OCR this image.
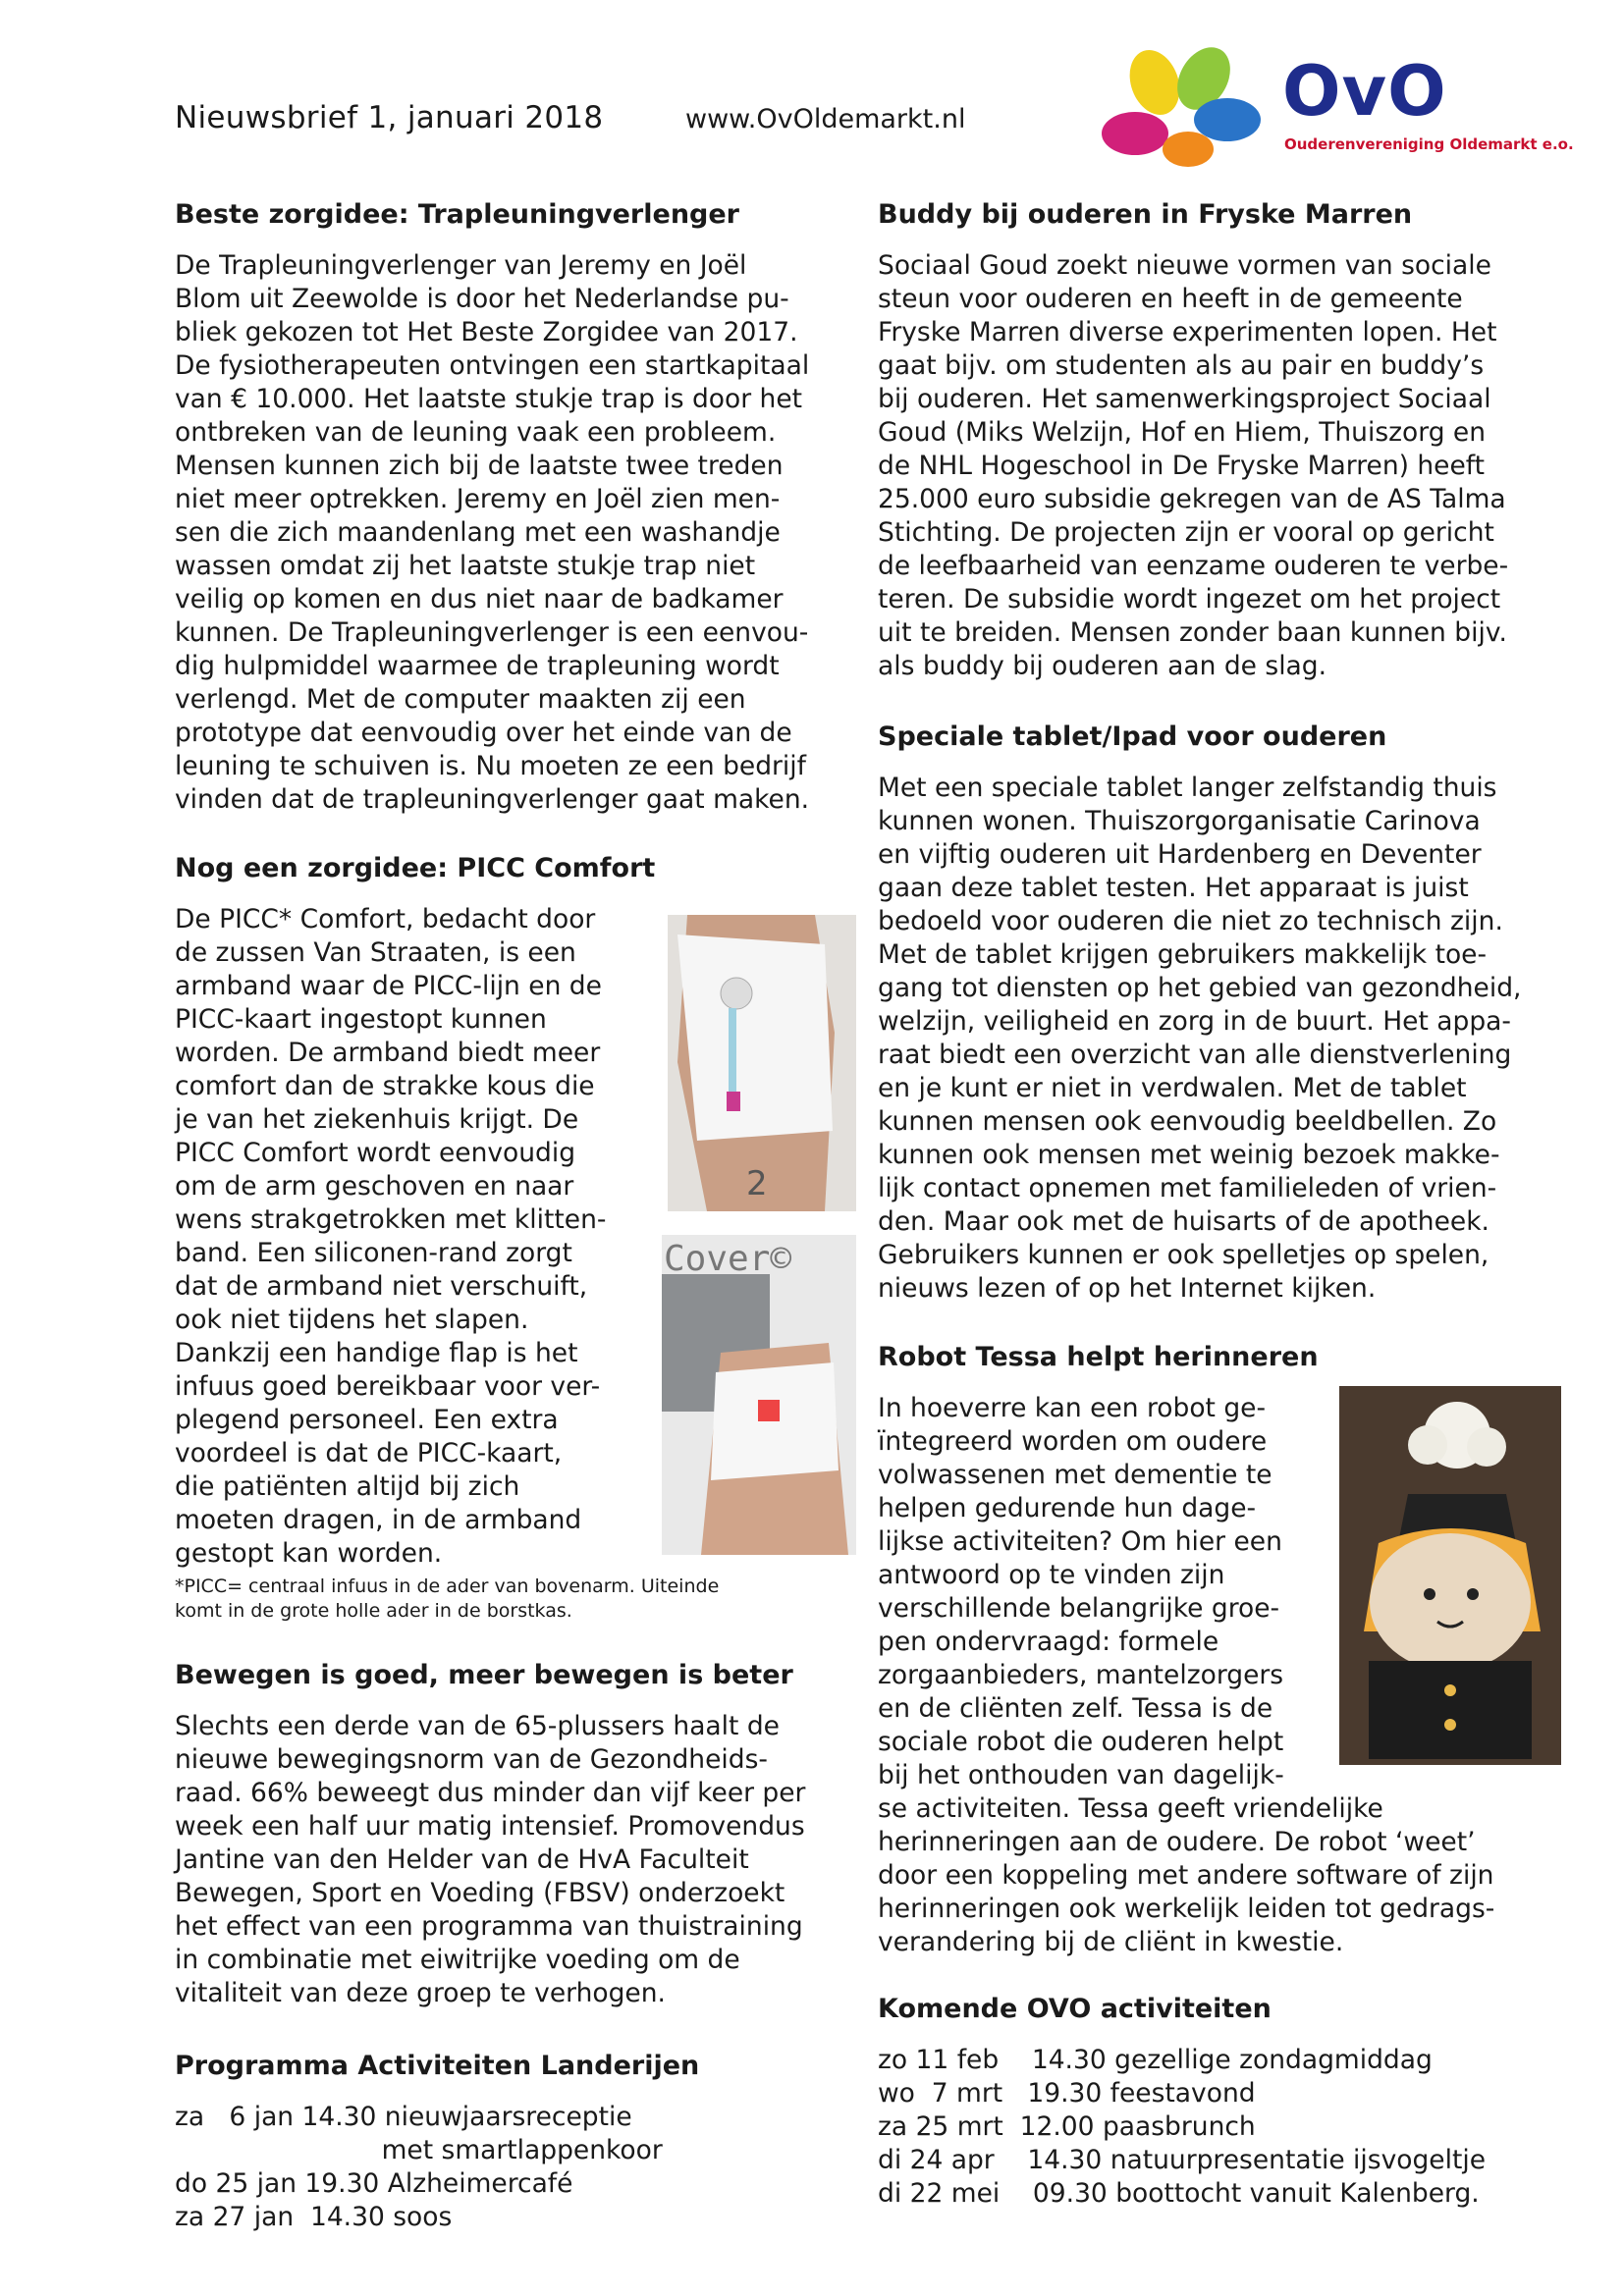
Nieuwsbrief 1, januari 2018	www.OvOldemarkt.nl	OvO
Ouderenvereniging Oldemarkt e.o.
Beste zorgidee: Trapleuningverlenger
De Trapleuningverlenger van Jeremy en Joël
Blom uit Zeewolde is door het Nederlandse pu-
bliek gekozen tot Het Beste Zorgidee van 2017.
De fysiotherapeuten ontvingen een startkapitaal
van € 10.000. Het laatste stukje trap is door het
ontbreken van de leuning vaak een probleem.
Mensen kunnen zich bij de laatste twee treden
niet meer optrekken. Jeremy en Joël zien men-
sen die zich maandenlang met een washandje
wassen omdat zij het laatste stukje trap niet
veilig op komen en dus niet naar de badkamer
kunnen. De Trapleuningverlenger is een eenvou-
dig hulpmiddel waarmee de trapleuning wordt
verlengd. Met de computer maakten zij een
prototype dat eenvoudig over het einde van de
leuning te schuiven is. Nu moeten ze een bedrijf
vinden dat de trapleuningverlenger gaat maken.
Nog een zorgidee: PICC Comfort
De PICC* Comfort, bedacht door
de zussen Van Straaten, is een
armband waar de PICC-lijn en de
PICC-kaart ingestopt kunnen
worden. De armband biedt meer
comfort dan de strakke kous die
je van het ziekenhuis krijgt. De
PICC Comfort wordt eenvoudig
om de arm geschoven en naar
wens strakgetrokken met klitten-
band. Een siliconen-rand zorgt
dat de armband niet verschuift,
ook niet tijdens het slapen.
Dankzij een handige flap is het
infuus goed bereikbaar voor ver-
plegend personeel. Een extra
voordeel is dat de PICC-kaart,
die patiënten altijd bij zich
moeten dragen, in de armband
gestopt kan worden.
*PICC= centraal infuus in de ader van bovenarm. Uiteinde
komt in de grote holle ader in de borstkas.
2
Cover©
Bewegen is goed, meer bewegen is beter
Slechts een derde van de 65-plussers haalt de
nieuwe bewegingsnorm van de Gezondheids-
raad. 66% beweegt dus minder dan vijf keer per
week een half uur matig intensief. Promovendus
Jantine van den Helder van de HvA Faculteit
Bewegen, Sport en Voeding (FBSV) onderzoekt
het effect van een programma van thuistraining
in combinatie met eiwitrijke voeding om de
vitaliteit van deze groep te verhogen.
Programma Activiteiten Landerijen
za   6 jan 14.30 nieuwjaarsreceptie
met smartlappenkoor
do 25 jan 19.30 Alzheimercafé
za 27 jan  14.30 soos
Buddy bij ouderen in Fryske Marren
Sociaal Goud zoekt nieuwe vormen van sociale
steun voor ouderen en heeft in de gemeente
Fryske Marren diverse experimenten lopen. Het
gaat bijv. om studenten als au pair en buddy’s
bij ouderen. Het samenwerkingsproject Sociaal
Goud (Miks Welzijn, Hof en Hiem, Thuiszorg en
de NHL Hogeschool in De Fryske Marren) heeft
25.000 euro subsidie gekregen van de AS Talma
Stichting. De projecten zijn er vooral op gericht
de leefbaarheid van eenzame ouderen te verbe-
teren. De subsidie wordt ingezet om het project
uit te breiden. Mensen zonder baan kunnen bijv.
als buddy bij ouderen aan de slag.
Speciale tablet/Ipad voor ouderen
Met een speciale tablet langer zelfstandig thuis
kunnen wonen. Thuiszorgorganisatie Carinova
en vijftig ouderen uit Hardenberg en Deventer
gaan deze tablet testen. Het apparaat is juist
bedoeld voor ouderen die niet zo technisch zijn.
Met de tablet krijgen gebruikers makkelijk toe-
gang tot diensten op het gebied van gezondheid,
welzijn, veiligheid en zorg in de buurt. Het appa-
raat biedt een overzicht van alle dienstverlening
en je kunt er niet in verdwalen. Met de tablet
kunnen mensen ook eenvoudig beeldbellen. Zo
kunnen ook mensen met weinig bezoek makke-
lijk contact opnemen met familieleden of vrien-
den. Maar ook met de huisarts of de apotheek.
Gebruikers kunnen er ook spelletjes op spelen,
nieuws lezen of op het Internet kijken.
Robot Tessa helpt herinneren
In hoeverre kan een robot ge-
ïntegreerd worden om oudere
volwassenen met dementie te
helpen gedurende hun dage-
lijkse activiteiten? Om hier een
antwoord op te vinden zijn
verschillende belangrijke groe-
pen ondervraagd: formele
zorgaanbieders, mantelzorgers
en de cliënten zelf. Tessa is de
sociale robot die ouderen helpt
bij het onthouden van dagelijk-
se activiteiten. Tessa geeft vriendelijke
herinneringen aan de oudere. De robot ‘weet’
door een koppeling met andere software of zijn
herinneringen ook werkelijk leiden tot gedrags-
verandering bij de cliënt in kwestie.
Komende OVO activiteiten
zo 11 feb    14.30 gezellige zondagmiddag
wo  7 mrt   19.30 feestavond
za 25 mrt  12.00 paasbrunch
di 24 apr    14.30 natuurpresentatie ijsvogeltje
di 22 mei    09.30 boottocht vanuit Kalenberg.
